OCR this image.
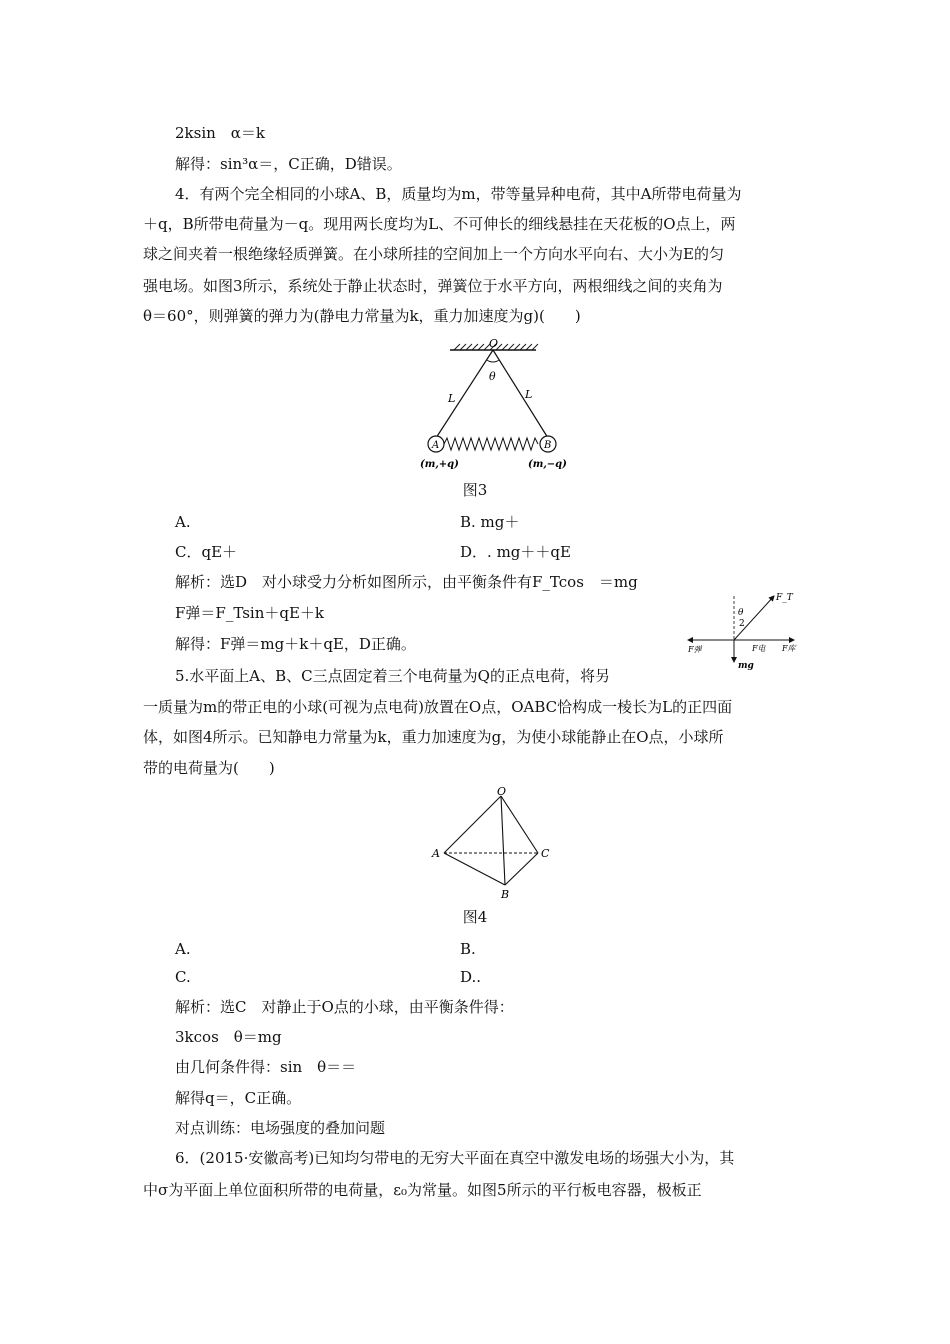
2ksin　α＝k
解得：sin³α＝，C正确，D错误。
4．有两个完全相同的小球A、B，质量均为m，带等量异种电荷，其中A所带电荷量为
＋q，B所带电荷量为－q。现用两长度均为L、不可伸长的细线悬挂在天花板的O点上，两
球之间夹着一根绝缘轻质弹簧。在小球所挂的空间加上一个方向水平向右、大小为E的匀
强电场。如图3所示，系统处于静止状态时，弹簧位于水平方向，两根细线之间的夹角为
θ＝60°，则弹簧的弹力为(静电力常量为k，重力加速度为g)(　　)
O
θ
L	L
A	B
(m,+q)	(m,−q)
图3
A.	B. mg＋
C．qE＋	D．. mg＋＋qE
解析：选D　对小球受力分析如图所示，由平衡条件有F_Tcos　＝mg
F弹＝F_Tsin＋qE＋k
解得：F弹＝mg＋k＋qE，D正确。
F_T
θ
2
F弹	F电 F库
mg
5.水平面上A、B、C三点固定着三个电荷量为Q的正点电荷，将另
一质量为m的带正电的小球(可视为点电荷)放置在O点，OABC恰构成一棱长为L的正四面
体，如图4所示。已知静电力常量为k，重力加速度为g，为使小球能静止在O点，小球所
带的电荷量为(　　)
O
A
B
C
图4
A.	B.
C.	D..
解析：选C　对静止于O点的小球，由平衡条件得：
3kcos　θ＝mg
由几何条件得：sin　θ＝＝
解得q＝，C正确。
对点训练：电场强度的叠加问题
6．(2015·安徽高考)已知均匀带电的无穷大平面在真空中激发电场的场强大小为，其
中σ为平面上单位面积所带的电荷量，ε₀为常量。如图5所示的平行板电容器，极板正
